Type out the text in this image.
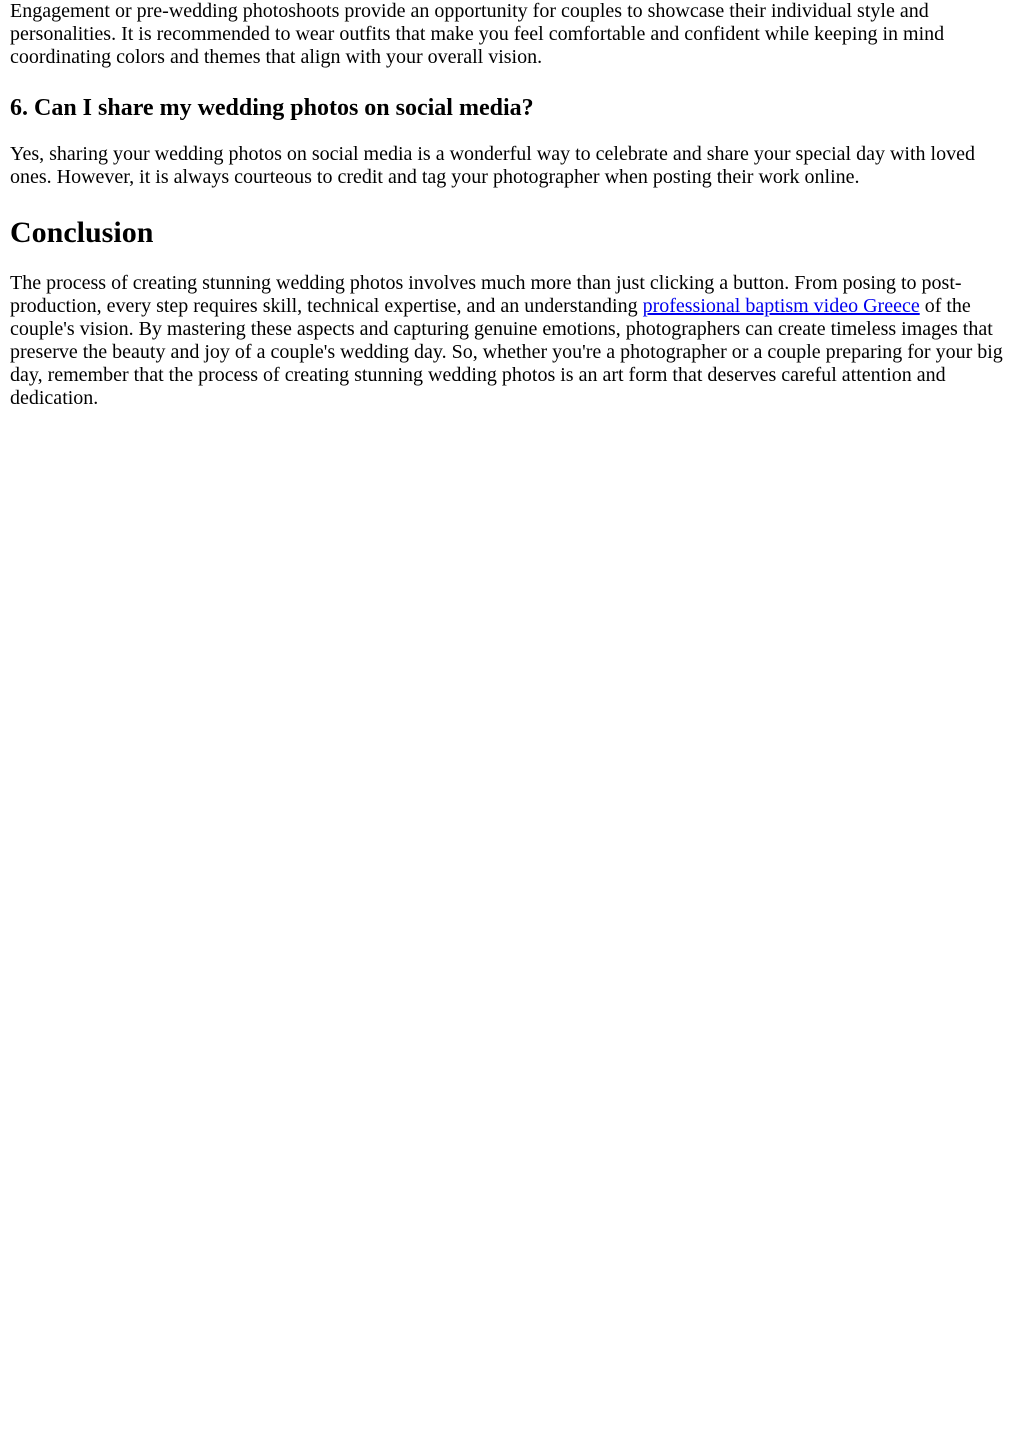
Engagement or pre-wedding photoshoots provide an opportunity for couples to showcase their individual style and personalities. It is recommended to wear outfits that make you feel comfortable and confident while keeping in mind coordinating colors and themes that align with your overall vision.

6. Can I share my wedding photos on social media?

Yes, sharing your wedding photos on social media is a wonderful way to celebrate and share your special day with loved ones. However, it is always courteous to credit and tag your photographer when posting their work online.

Conclusion

The process of creating stunning wedding photos involves much more than just clicking a button. From posing to post-production, every step requires skill, technical expertise, and an understanding professional baptism video Greece of the couple's vision. By mastering these aspects and capturing genuine emotions, photographers can create timeless images that preserve the beauty and joy of a couple's wedding day. So, whether you're a photographer or a couple preparing for your big day, remember that the process of creating stunning wedding photos is an art form that deserves careful attention and dedication.
